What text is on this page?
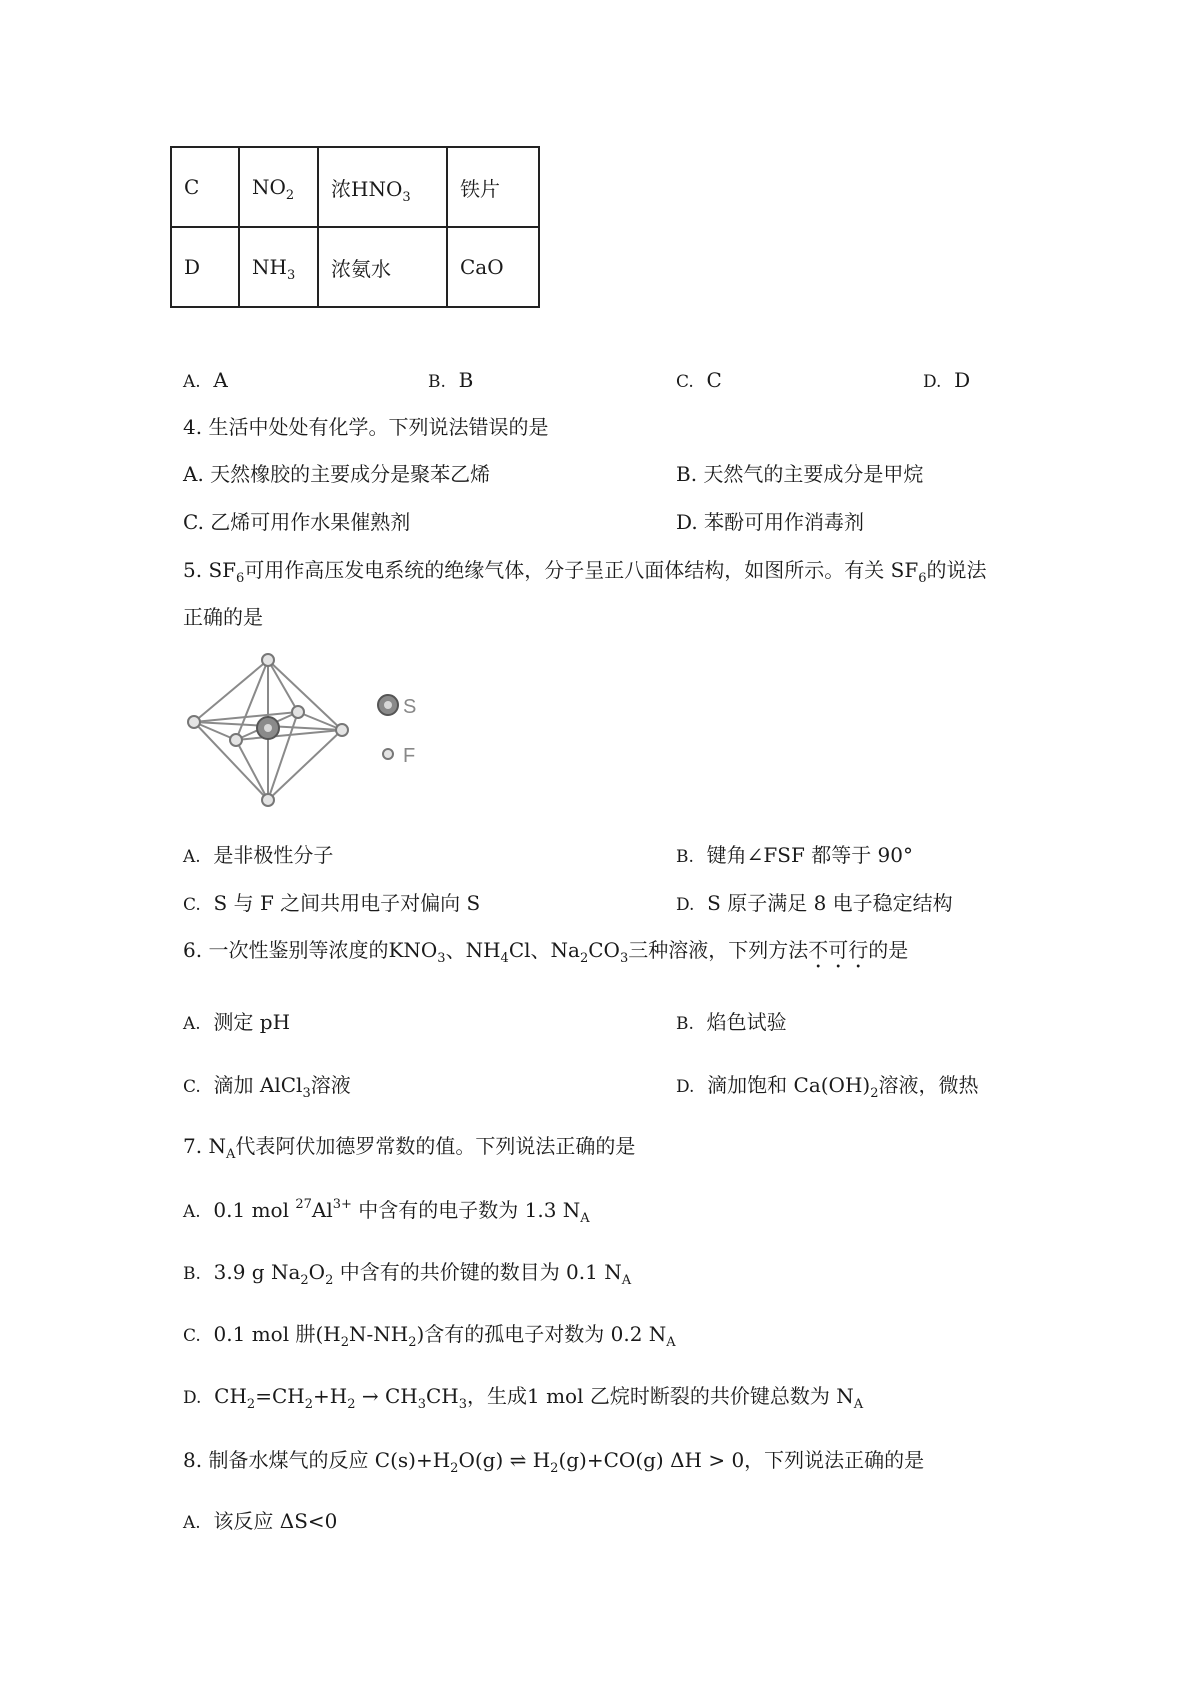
C	$NO_2$	浓$HNO_3$	铁片
D	$NH_3$	浓氨水	CaO
A. A	B. B	C. C	D. D
4. 生活中处处有化学。下列说法错误的是
A. 天然橡胶的主要成分是聚苯乙烯	B. 天然气的主要成分是甲烷
C. 乙烯可用作水果催熟剂	D. 苯酚可用作消毒剂
5. $SF_6$可用作高压发电系统的绝缘气体，分子呈正八面体结构，如图所示。有关 $SF_6$的说法
正确的是
S
F
A. 是非极性分子	B. 键角∠FSF 都等于 90°
C. S 与 F 之间共用电子对偏向 S	D. S 原子满足 8 电子稳定结构
6. 一次性鉴别等浓度的$KNO_3$、$NH_4Cl$、$Na_2CO_3$三种溶液，下列方法不可行的是
A. 测定 pH	B. 焰色试验
C. 滴加 AlCl$_3$溶液	D. 滴加饱和 $Ca(OH)_2$溶液，微热
7. $N_A$代表阿伏加德罗常数的值。下列说法正确的是
A. 0.1 mol $^{27}Al^{3+}$ 中含有的电子数为 1.3 $N_A$
B. 3.9 g $Na_2O_2$ 中含有的共价键的数目为 0.1 $N_A$
C. 0.1 mol 肼$(H_2N-NH_2)$含有的孤电子对数为 0.2 $N_A$
D. $CH_2=CH_2+H_2 \to CH_3CH_3$，生成1 mol 乙烷时断裂的共价键总数为 $N_A$
8. 制备水煤气的反应 $C(s)+H_2O(g)$ ⇌ $H_2(g)+CO(g) \Delta H > 0$，下列说法正确的是
A. 该反应 ΔS<0
